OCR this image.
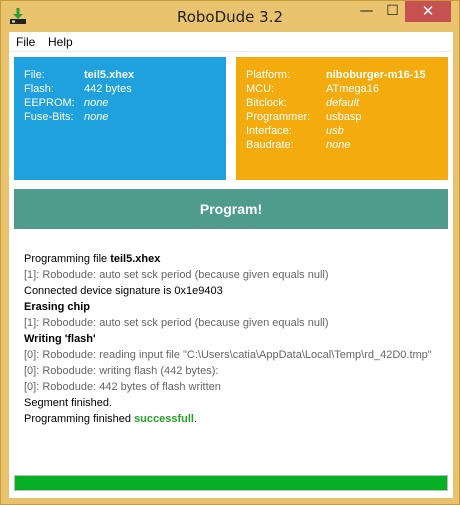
RoboDude 3.2	— ☐	✕
File Help
File:	teil5.xhex
Flash:	442 bytes
EEPROM: none
Fuse-Bits: none
Platform:	niboburger-m16-15
MCU:	ATmega16
Bitclock:	default
Programmer: usbasp
Interface:	usb
Baudrate:	none
Program!
Programming file teil5.xhex
[1]: Robodude: auto set sck period (because given equals null)
Connected device signature is 0x1e9403
Erasing chip
[1]: Robodude: auto set sck period (because given equals null)
Writing 'flash'
[0]: Robodude: reading input file "C:\Users\catia\AppData\Local\Temp\rd_42D0.tmp"
[0]: Robodude: writing flash (442 bytes):
[0]: Robodude: 442 bytes of flash written
Segment finished.
Programming finished successfull.
